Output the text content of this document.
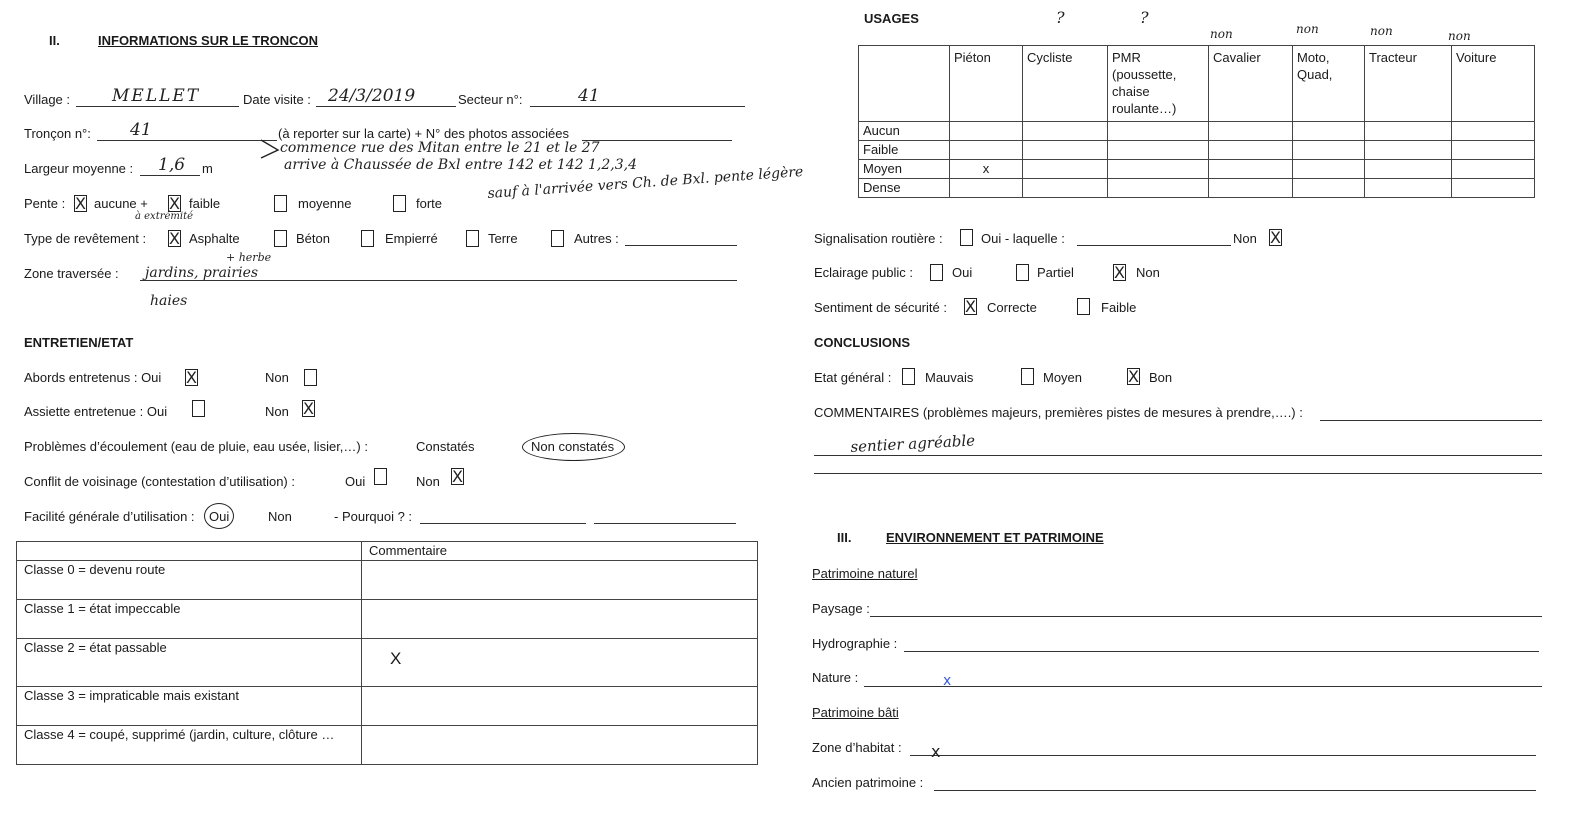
II.	INFORMATIONS SUR LE TRONCON
Village : MELLET	Date visite : 24/3/2019	Secteur n°:	41
Tronçon n°: 41	(à reporter sur la carte) + N° des photos associées
commence rue des Mitan entre le 21 et le 27
arrive à Chaussée de Bxl entre 142 et 142 1,2,3,4
Largeur moyenne : 1,6 m
Pente : X aucune + X faible
à extrémité
moyenne	forte
sauf à l'arrivée vers Ch. de Bxl. pente légère
Type de revêtement : X Asphalte	Béton	Empierré	Terre	Autres :
Zone traversée : jardins, prairies
+ herbe
haies
ENTRETIEN/ETAT
Abords entretenus : Oui X	Non
Assiette entretenue : Oui	Non X
Problèmes d’écoulement (eau de pluie, eau usée, lisier,…) :	Constatés	Non constatés
Conflit de voisinage (contestation d’utilisation) :	Oui	Non X
Facilité générale d’utilisation : Oui	Non	- Pourquoi ? :
	Commentaire
Classe 0 = devenu route	
Classe 1 = état impeccable	
Classe 2 = état passable	X
Classe 3 = impraticable mais existant	
Classe 4 = coupé, supprimé (jardin, culture, clôture …	
USAGES	?	?
non	non	non	non
	Piéton	Cycliste	PMR (poussette, chaise roulante…)	Cavalier	Moto, Quad,	Tracteur	Voiture
Aucun							
Faible							
Moyen	x						
Dense							
Signalisation routière :	Oui - laquelle :	Non X
Eclairage public :	Oui	Partiel	X Non
Sentiment de sécurité : X Correcte	Faible
CONCLUSIONS
Etat général :	Mauvais	Moyen	X Bon
COMMENTAIRES (problèmes majeurs, premières pistes de mesures à prendre,….) :
sentier agréable
III.	ENVIRONNEMENT ET PATRIMOINE
Patrimoine naturel
Paysage :
Hydrographie :
Nature :	x
Patrimoine bâti
Zone d’habitat : x
Ancien patrimoine :
